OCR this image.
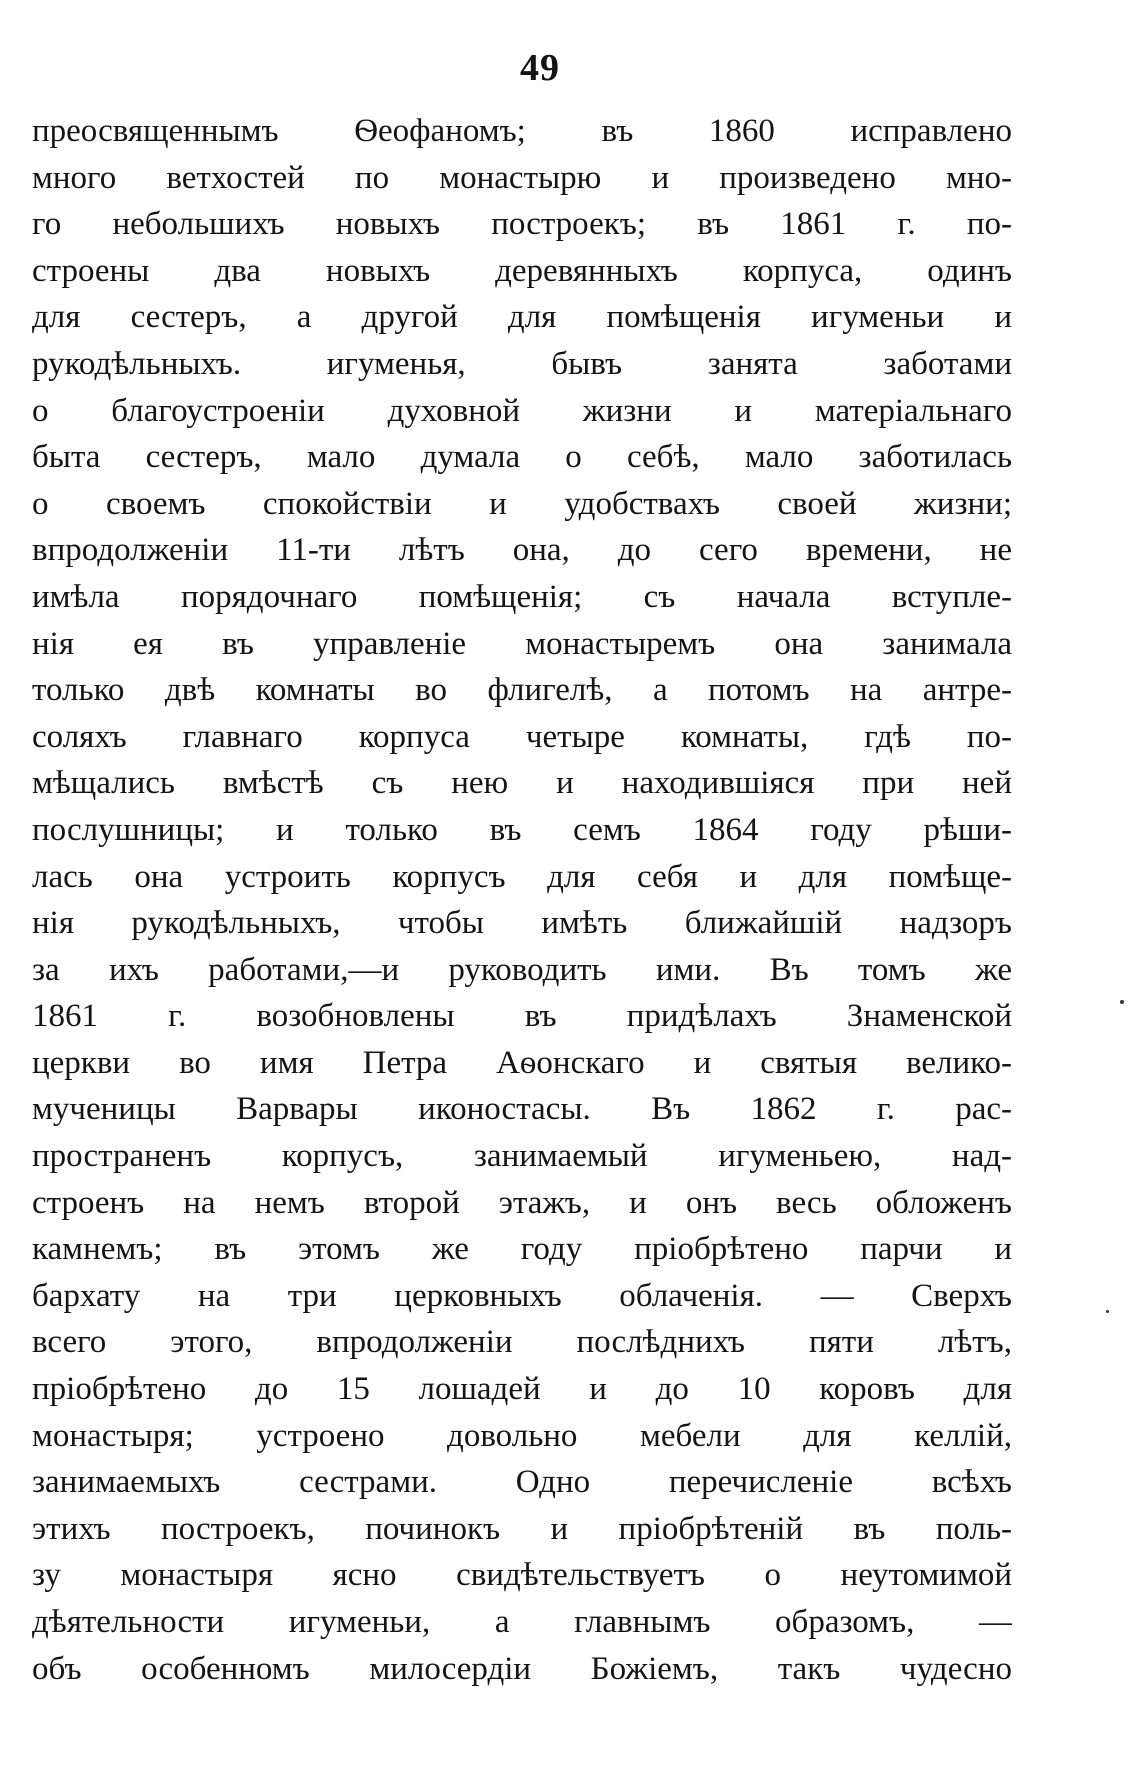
49
преосвященнымъ Ѳеофаномъ; въ 1860 исправлено
много ветхостей по монастырю и произведено мно-
го небольшихъ новыхъ построекъ; въ 1861 г. по-
строены два новыхъ деревянныхъ корпуса, одинъ
для сестеръ, а другой для помѣщенія игуменьи и
рукодѣльныхъ. игуменья, бывъ занята заботами
о благоустроеніи духовной жизни и матеріальнаго
быта сестеръ, мало думала о себѣ, мало заботилась
о своемъ спокойствіи и удобствахъ своей жизни;
впродолженіи 11-ти лѣтъ она, до сего времени, не
имѣла порядочнаго помѣщенія; съ начала вступле-
нія ея въ управленіе монастыремъ она занимала
только двѣ комнаты во флигелѣ, а потомъ на антре-
соляхъ главнаго корпуса четыре комнаты, гдѣ по-
мѣщались вмѣстѣ съ нею и находившіяся при ней
послушницы; и только въ семъ 1864 году рѣши-
лась она устроить корпусъ для себя и для помѣще-
нія рукодѣльныхъ, чтобы имѣть ближайшій надзоръ
за ихъ работами,—и руководить ими. Въ томъ же
1861 г. возобновлены въ придѣлахъ Знаменской
церкви во имя Петра Аѳонскаго и святыя велико-
мученицы Варвары иконостасы. Въ 1862 г. рас-
пространенъ корпусъ, занимаемый игуменьею, над-
строенъ на немъ второй этажъ, и онъ весь обложенъ
камнемъ; въ этомъ же году пріобрѣтено парчи и
бархату на три церковныхъ облаченія. — Сверхъ
всего этого, впродолженіи послѣднихъ пяти лѣтъ,
пріобрѣтено до 15 лошадей и до 10 коровъ для
монастыря; устроено довольно мебели для келлій,
занимаемыхъ сестрами. Одно перечисленіе всѣхъ
этихъ построекъ, починокъ и пріобрѣтеній въ поль-
зу монастыря ясно свидѣтельствуетъ о неутомимой
дѣятельности игуменьи, а главнымъ образомъ, —
объ особенномъ милосердіи Божіемъ, такъ чудесно
